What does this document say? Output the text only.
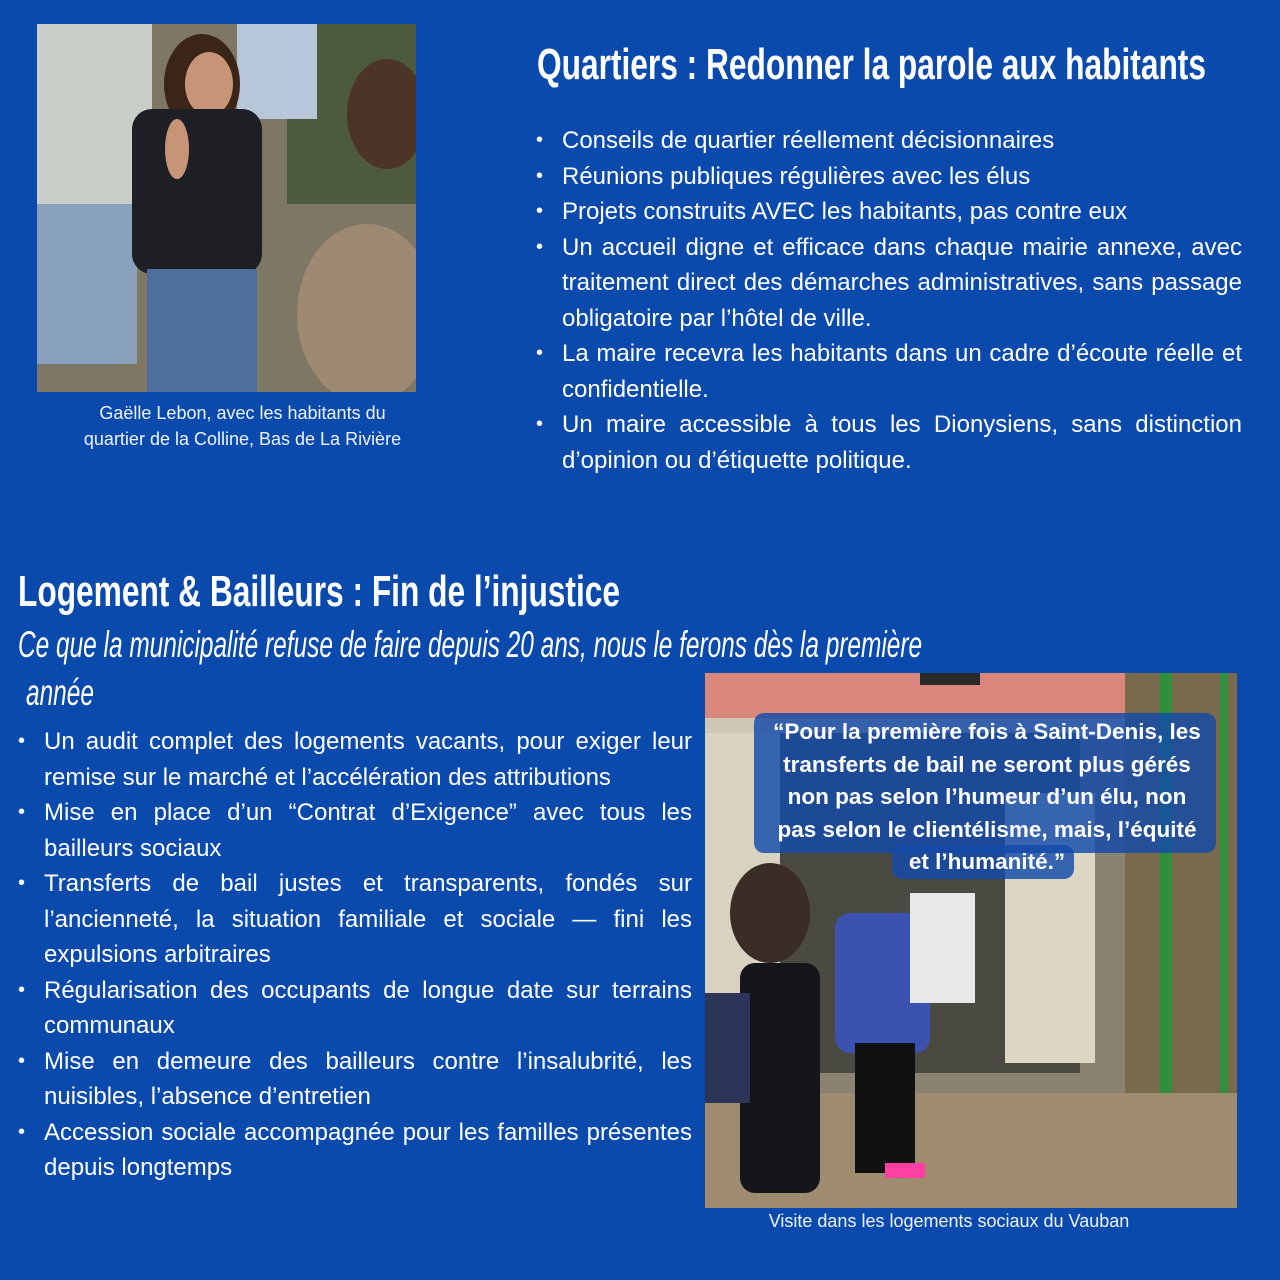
Gaëlle Lebon, avec les habitants du
quartier de la Colline, Bas de La Rivière
Quartiers : Redonner la parole aux habitants
• Conseils de quartier réellement décisionnaires
• Réunions publiques régulières avec les élus
• Projets construits AVEC les habitants, pas contre eux
• Un accueil digne et efficace dans chaque mairie annexe, avec traitement direct des démarches administratives, sans passage obligatoire par l’hôtel de ville.
• La maire recevra les habitants dans un cadre d’écoute réelle et confidentielle.
• Un maire accessible à tous les Dionysiens, sans distinction d’opinion ou d’étiquette politique.
Logement & Bailleurs : Fin de l’injustice
Ce que la municipalité refuse de faire depuis 20 ans, nous le ferons dès la première
année
• Un audit complet des logements vacants, pour exiger leur remise sur le marché et l’accélération des attributions
• Mise en place d’un “Contrat d’Exigence” avec tous les bailleurs sociaux
• Transferts de bail justes et transparents, fondés sur l’ancienneté, la situation familiale et sociale — fini les expulsions arbitraires
• Régularisation des occupants de longue date sur terrains communaux
• Mise en demeure des bailleurs contre l’insalubrité, les nuisibles, l’absence d’entretien
• Accession sociale accompagnée pour les familles présentes depuis longtemps
“Pour la première fois à Saint-Denis, les
transferts de bail ne seront plus gérés
non pas selon l’humeur d’un élu, non
pas selon le clientélisme, mais, l’équité
et l’humanité.”
Visite dans les logements sociaux du Vauban
